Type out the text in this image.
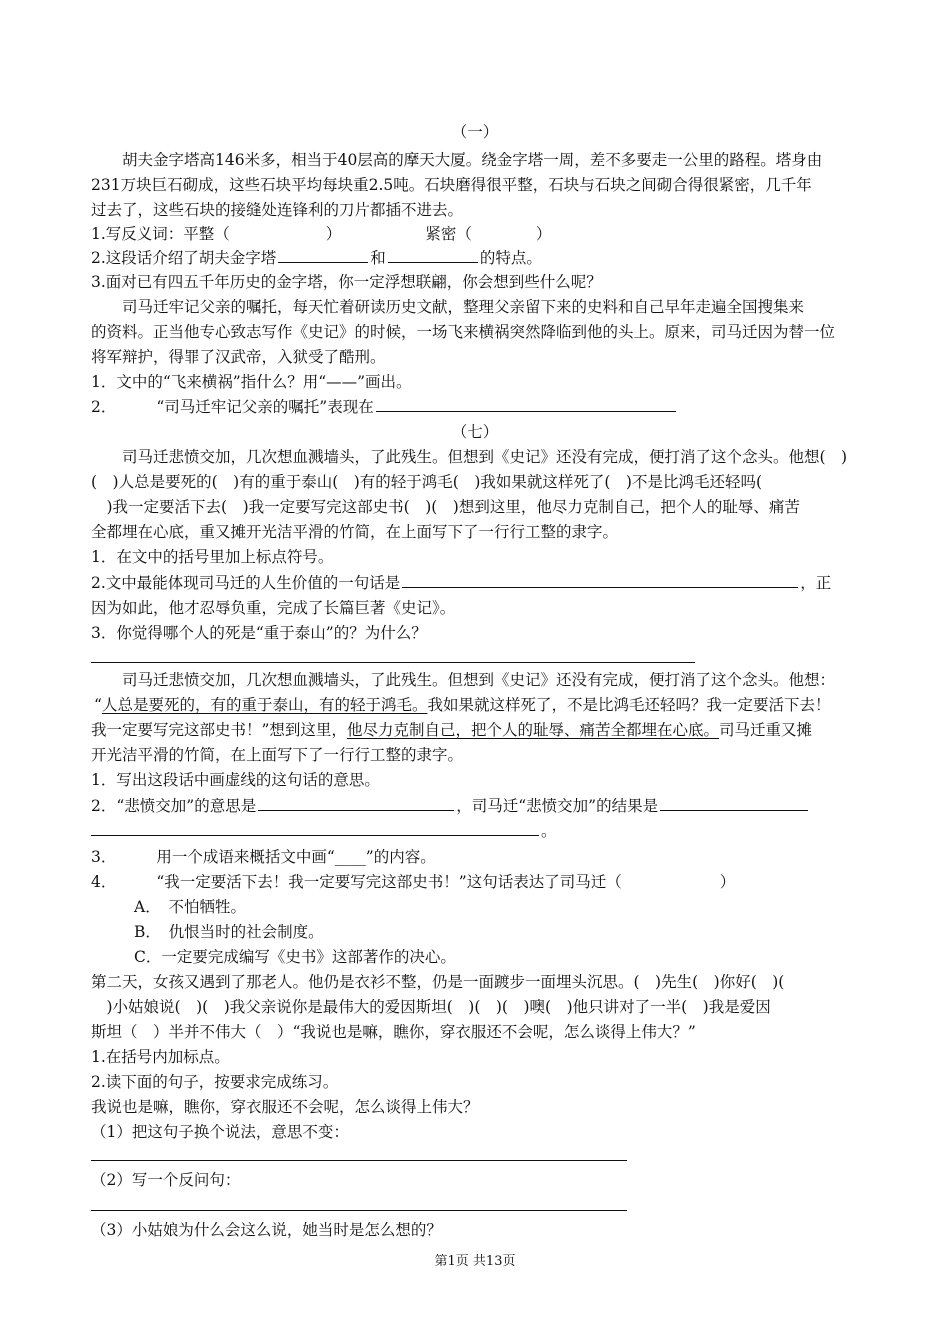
（一）
胡夫金字塔高146米多，相当于40层高的摩天大厦。绕金字塔一周，差不多要走一公里的路程。塔身由
231万块巨石砌成，这些石块平均每块重2.5吨。石块磨得很平整，石块与石块之间砌合得很紧密，几千年
过去了，这些石块的接缝处连锋利的刀片都插不进去。
1.写反义词：平整（	）	紧密（	）
2.这段话介绍了胡夫金字塔	和	的特点。
3.面对已有四五千年历史的金字塔，你一定浮想联翩，你会想到些什么呢？
司马迁牢记父亲的嘱托，每天忙着研读历史文献，整理父亲留下来的史料和自己早年走遍全国搜集来
的资料。正当他专心致志写作《史记》的时候，一场飞来横祸突然降临到他的头上。原来，司马迁因为替一位
将军辩护，得罪了汉武帝，入狱受了酷刑。
1．文中的“飞来横祸”指什么？用“——”画出。
2．	“司马迁牢记父亲的嘱托”表现在
（七）
司马迁悲愤交加，几次想血溅墙头，了此残生。但想到《史记》还没有完成，便打消了这个念头。他想( )
( )人总是要死的( )有的重于泰山( )有的轻于鸿毛( )我如果就这样死了( )不是比鸿毛还轻吗(
 )我一定要活下去( )我一定要写完这部史书( )( )想到这里，他尽力克制自己，把个人的耻辱、痛苦
全都埋在心底，重又摊开光洁平滑的竹简，在上面写下了一行行工整的隶字。
1．在文中的括号里加上标点符号。
2.文中最能体现司马迁的人生价值的一句话是	，正
因为如此，他才忍辱负重，完成了长篇巨著《史记》。
3．你觉得哪个人的死是“重于泰山”的？为什么？
司马迁悲愤交加，几次想血溅墙头，了此残生。但想到《史记》还没有完成，便打消了这个念头。他想：
“人总是要死的，有的重于泰山，有的轻于鸿毛。我如果就这样死了，不是比鸿毛还轻吗？我一定要活下去！
我一定要写完这部史书！”想到这里，他尽力克制自己，把个人的耻辱、痛苦全都埋在心底。司马迁重又摊
开光洁平滑的竹简，在上面写下了一行行工整的隶字。
1．写出这段话中画虚线的这句话的意思。
2．“悲愤交加”的意思是	，司马迁“悲愤交加”的结果是
。
3．	用一个成语来概括文中画“____”的内容。
4．	“我一定要活下去！我一定要写完这部史书！”这句话表达了司马迁（	）
A． 不怕牺牲。
B． 仇恨当时的社会制度。
C．一定要完成编写《史书》这部著作的决心。
第二天，女孩又遇到了那老人。他仍是衣衫不整，仍是一面踱步一面埋头沉思。( )先生( )你好( )(
 )小姑娘说( )( )我父亲说你是最伟大的爱因斯坦( )( )( )噢( )他只讲对了一半( )我是爱因
斯坦（ ）半并不伟大（ ）“我说也是嘛，瞧你，穿衣服还不会呢，怎么谈得上伟大？”
1.在括号内加标点。
2.读下面的句子，按要求完成练习。
我说也是嘛，瞧你，穿衣服还不会呢，怎么谈得上伟大？
（1）把这句子换个说法，意思不变：
（2）写一个反问句：
（3）小姑娘为什么会这么说，她当时是怎么想的？
第1页 共13页
